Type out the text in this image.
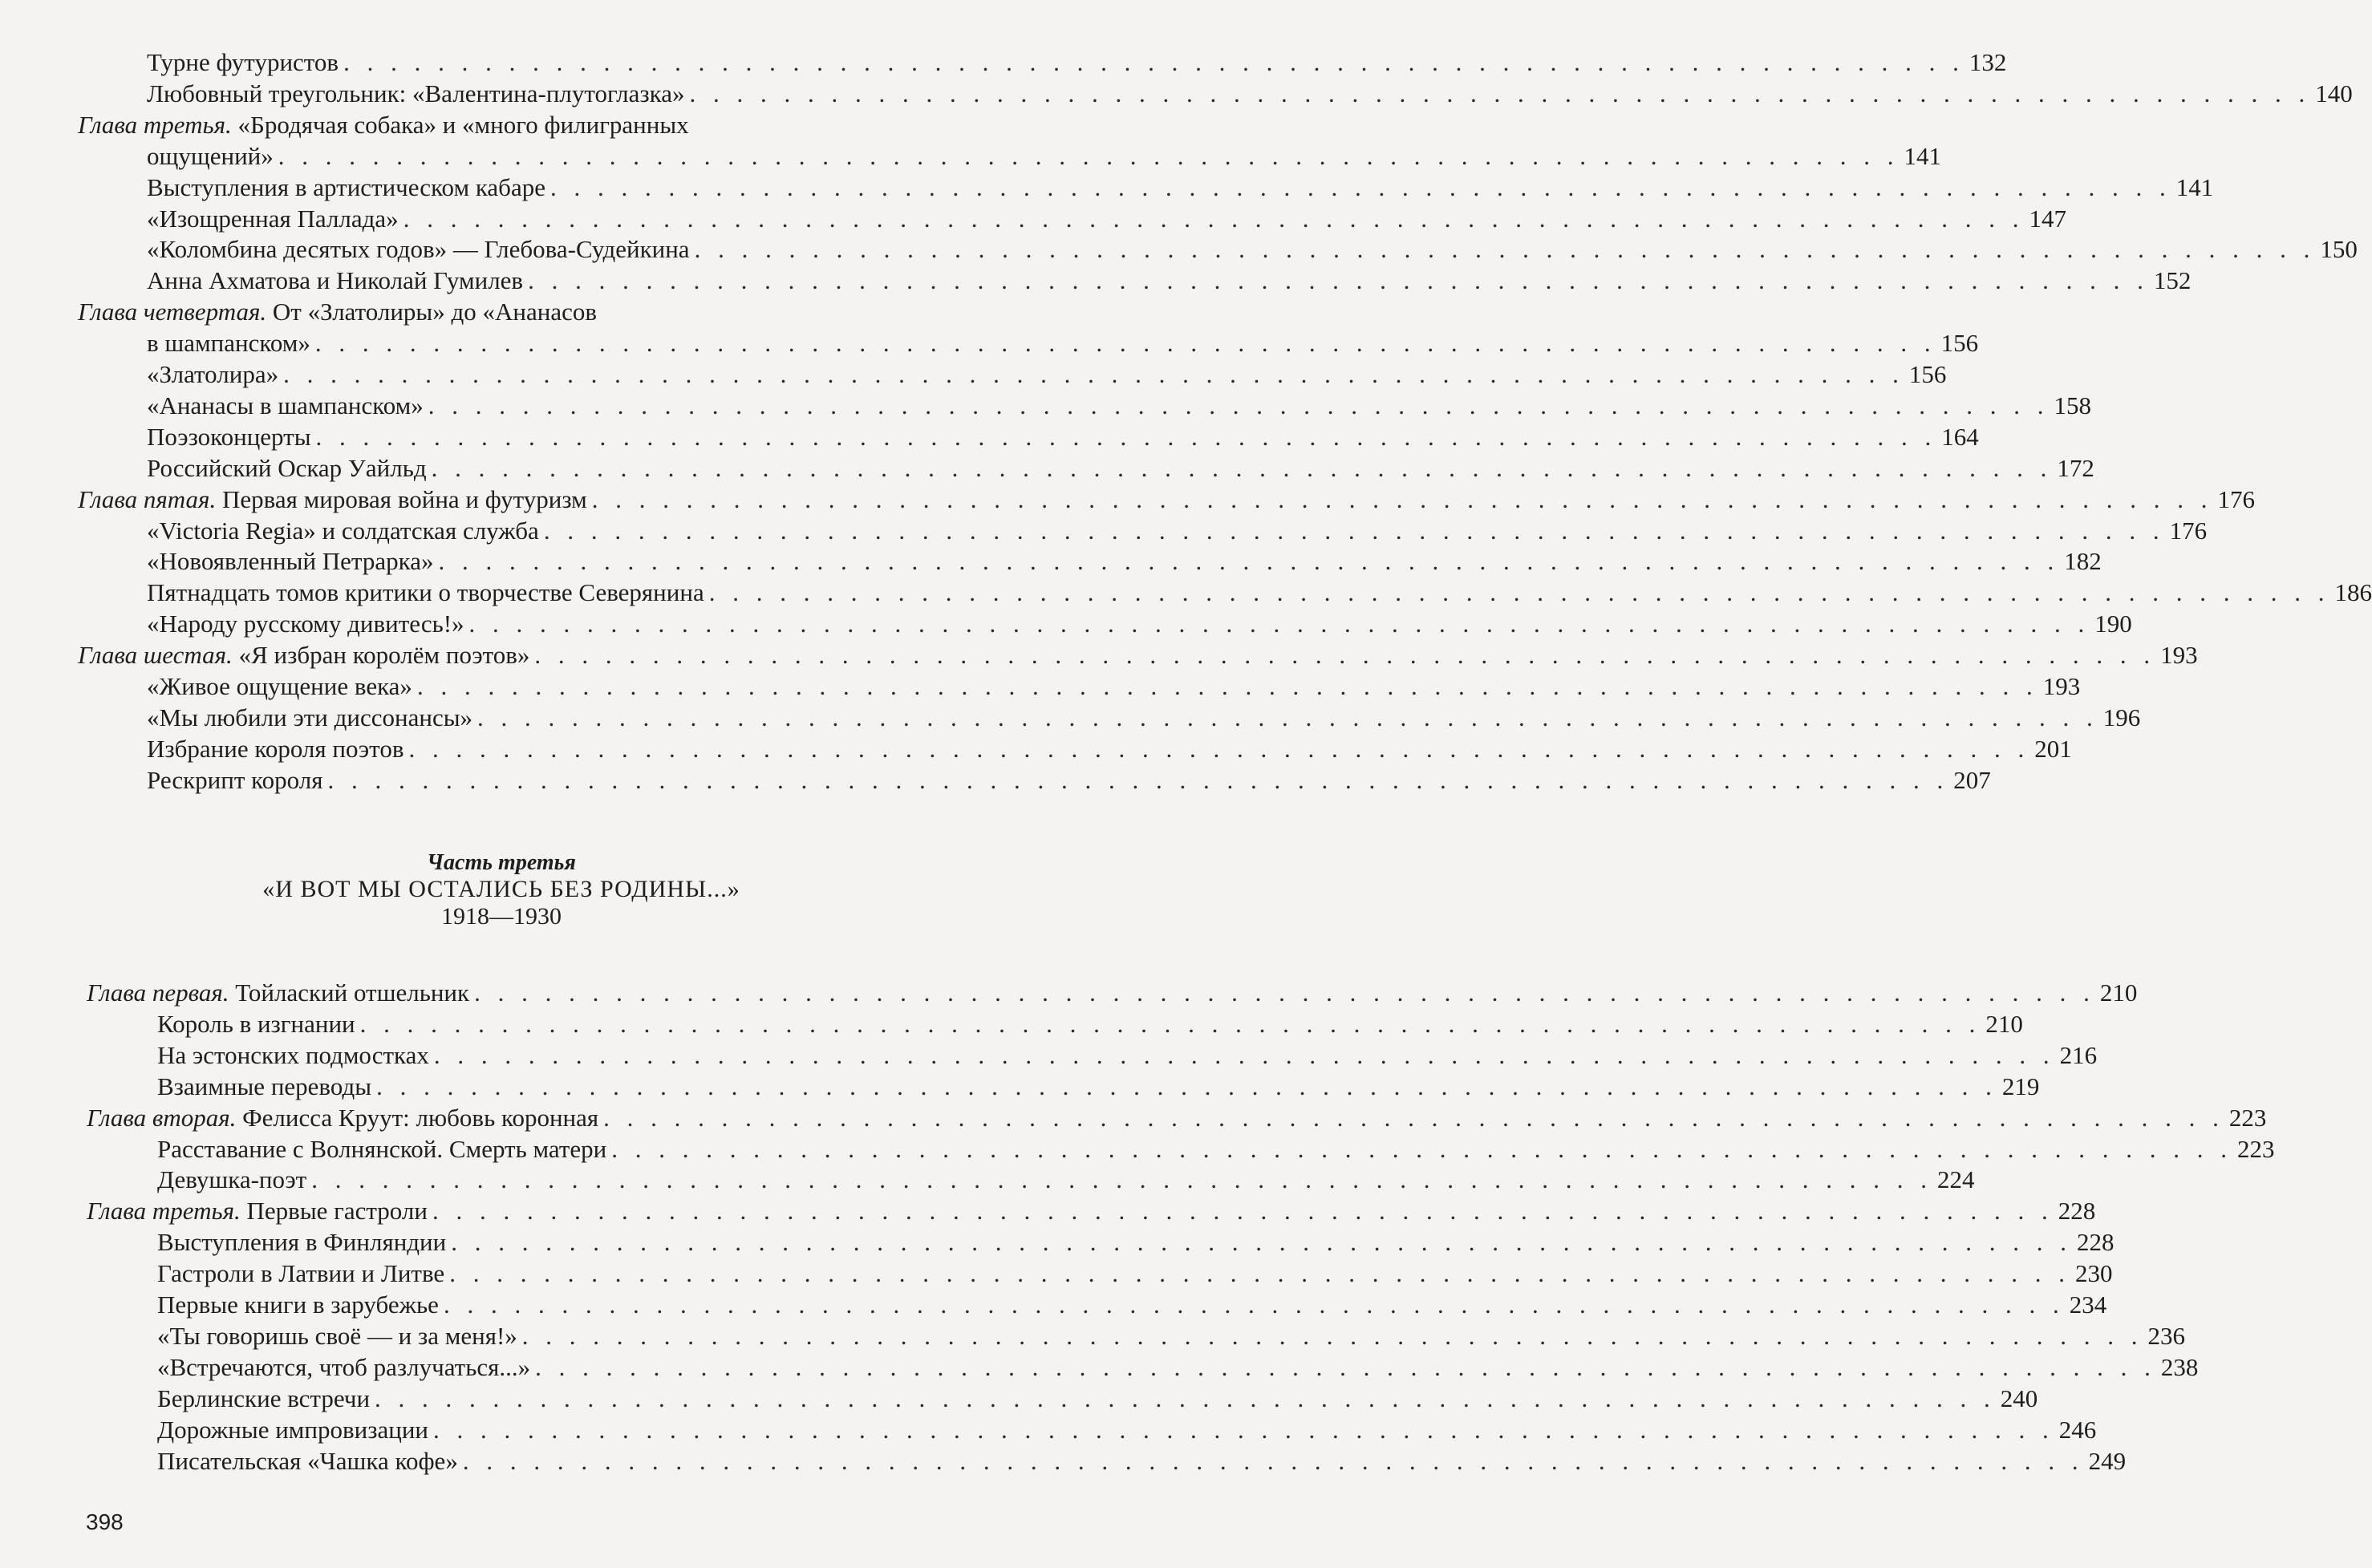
Турне футуристов . . . . . . . . . . . . . . . . . . . . . . . . . . . . . . . . . . . . . . . . . . . . . . . . . . . . . . . . . . . . . . . . . . . . . 132
Любовный треугольник: «Валентина-плутоглазка» . . . . . . . . . . . . . . . . . . . . . . . . . . . . . . . . . . . . . . . . . . . . . . . . . . . . . . . . . . . . . . . . . . . . . 140
Глава третья. «Бродячая собака» и «много филигранных
ощущений» . . . . . . . . . . . . . . . . . . . . . . . . . . . . . . . . . . . . . . . . . . . . . . . . . . . . . . . . . . . . . . . . . . . . . 141
Выступления в артистическом кабаре . . . . . . . . . . . . . . . . . . . . . . . . . . . . . . . . . . . . . . . . . . . . . . . . . . . . . . . . . . . . . . . . . . . . . 141
«Изощренная Паллада» . . . . . . . . . . . . . . . . . . . . . . . . . . . . . . . . . . . . . . . . . . . . . . . . . . . . . . . . . . . . . . . . . . . . . 147
«Коломбина десятых годов» — Глебова-Судейкина . . . . . . . . . . . . . . . . . . . . . . . . . . . . . . . . . . . . . . . . . . . . . . . . . . . . . . . . . . . . . . . . . . . . . 150
Анна Ахматова и Николай Гумилев . . . . . . . . . . . . . . . . . . . . . . . . . . . . . . . . . . . . . . . . . . . . . . . . . . . . . . . . . . . . . . . . . . . . . 152
Глава четвертая. От «Златолиры» до «Ананасов
в шампанском» . . . . . . . . . . . . . . . . . . . . . . . . . . . . . . . . . . . . . . . . . . . . . . . . . . . . . . . . . . . . . . . . . . . . . 156
«Златолира» . . . . . . . . . . . . . . . . . . . . . . . . . . . . . . . . . . . . . . . . . . . . . . . . . . . . . . . . . . . . . . . . . . . . . 156
«Ананасы в шампанском» . . . . . . . . . . . . . . . . . . . . . . . . . . . . . . . . . . . . . . . . . . . . . . . . . . . . . . . . . . . . . . . . . . . . . 158
Поэзоконцерты . . . . . . . . . . . . . . . . . . . . . . . . . . . . . . . . . . . . . . . . . . . . . . . . . . . . . . . . . . . . . . . . . . . . . 164
Российский Оскар Уайльд . . . . . . . . . . . . . . . . . . . . . . . . . . . . . . . . . . . . . . . . . . . . . . . . . . . . . . . . . . . . . . . . . . . . . 172
Глава пятая. Первая мировая война и футуризм . . . . . . . . . . . . . . . . . . . . . . . . . . . . . . . . . . . . . . . . . . . . . . . . . . . . . . . . . . . . . . . . . . . . . 176
«Victoria Regia» и солдатская служба . . . . . . . . . . . . . . . . . . . . . . . . . . . . . . . . . . . . . . . . . . . . . . . . . . . . . . . . . . . . . . . . . . . . . 176
«Новоявленный Петрарка» . . . . . . . . . . . . . . . . . . . . . . . . . . . . . . . . . . . . . . . . . . . . . . . . . . . . . . . . . . . . . . . . . . . . . 182
Пятнадцать томов критики о творчестве Северянина . . . . . . . . . . . . . . . . . . . . . . . . . . . . . . . . . . . . . . . . . . . . . . . . . . . . . . . . . . . . . . . . . . . . . 186
«Народу русскому дивитесь!» . . . . . . . . . . . . . . . . . . . . . . . . . . . . . . . . . . . . . . . . . . . . . . . . . . . . . . . . . . . . . . . . . . . . . 190
Глава шестая. «Я избран королём поэтов» . . . . . . . . . . . . . . . . . . . . . . . . . . . . . . . . . . . . . . . . . . . . . . . . . . . . . . . . . . . . . . . . . . . . . 193
«Живое ощущение века» . . . . . . . . . . . . . . . . . . . . . . . . . . . . . . . . . . . . . . . . . . . . . . . . . . . . . . . . . . . . . . . . . . . . . 193
«Мы любили эти диссонансы» . . . . . . . . . . . . . . . . . . . . . . . . . . . . . . . . . . . . . . . . . . . . . . . . . . . . . . . . . . . . . . . . . . . . . 196
Избрание короля поэтов . . . . . . . . . . . . . . . . . . . . . . . . . . . . . . . . . . . . . . . . . . . . . . . . . . . . . . . . . . . . . . . . . . . . . 201
Рескрипт короля . . . . . . . . . . . . . . . . . . . . . . . . . . . . . . . . . . . . . . . . . . . . . . . . . . . . . . . . . . . . . . . . . . . . . 207
Часть третья
«И ВОТ МЫ ОСТАЛИСЬ БЕЗ РОДИНЫ...»
1918—1930
Глава первая. Тойлаский отшельник . . . . . . . . . . . . . . . . . . . . . . . . . . . . . . . . . . . . . . . . . . . . . . . . . . . . . . . . . . . . . . . . . . . . . 210
Король в изгнании . . . . . . . . . . . . . . . . . . . . . . . . . . . . . . . . . . . . . . . . . . . . . . . . . . . . . . . . . . . . . . . . . . . . . 210
На эстонских подмостках . . . . . . . . . . . . . . . . . . . . . . . . . . . . . . . . . . . . . . . . . . . . . . . . . . . . . . . . . . . . . . . . . . . . . 216
Взаимные переводы . . . . . . . . . . . . . . . . . . . . . . . . . . . . . . . . . . . . . . . . . . . . . . . . . . . . . . . . . . . . . . . . . . . . . 219
Глава вторая. Фелисса Круут: любовь коронная . . . . . . . . . . . . . . . . . . . . . . . . . . . . . . . . . . . . . . . . . . . . . . . . . . . . . . . . . . . . . . . . . . . . . 223
Расставание с Волнянской. Смерть матери . . . . . . . . . . . . . . . . . . . . . . . . . . . . . . . . . . . . . . . . . . . . . . . . . . . . . . . . . . . . . . . . . . . . . 223
Девушка-поэт . . . . . . . . . . . . . . . . . . . . . . . . . . . . . . . . . . . . . . . . . . . . . . . . . . . . . . . . . . . . . . . . . . . . . 224
Глава третья. Первые гастроли . . . . . . . . . . . . . . . . . . . . . . . . . . . . . . . . . . . . . . . . . . . . . . . . . . . . . . . . . . . . . . . . . . . . . 228
Выступления в Финляндии . . . . . . . . . . . . . . . . . . . . . . . . . . . . . . . . . . . . . . . . . . . . . . . . . . . . . . . . . . . . . . . . . . . . . 228
Гастроли в Латвии и Литве . . . . . . . . . . . . . . . . . . . . . . . . . . . . . . . . . . . . . . . . . . . . . . . . . . . . . . . . . . . . . . . . . . . . . 230
Первые книги в зарубежье . . . . . . . . . . . . . . . . . . . . . . . . . . . . . . . . . . . . . . . . . . . . . . . . . . . . . . . . . . . . . . . . . . . . . 234
«Ты говоришь своё — и за меня!» . . . . . . . . . . . . . . . . . . . . . . . . . . . . . . . . . . . . . . . . . . . . . . . . . . . . . . . . . . . . . . . . . . . . . 236
«Встречаются, чтоб разлучаться...» . . . . . . . . . . . . . . . . . . . . . . . . . . . . . . . . . . . . . . . . . . . . . . . . . . . . . . . . . . . . . . . . . . . . . 238
Берлинские встречи . . . . . . . . . . . . . . . . . . . . . . . . . . . . . . . . . . . . . . . . . . . . . . . . . . . . . . . . . . . . . . . . . . . . . 240
Дорожные импровизации . . . . . . . . . . . . . . . . . . . . . . . . . . . . . . . . . . . . . . . . . . . . . . . . . . . . . . . . . . . . . . . . . . . . . 246
Писательская «Чашка кофе» . . . . . . . . . . . . . . . . . . . . . . . . . . . . . . . . . . . . . . . . . . . . . . . . . . . . . . . . . . . . . . . . . . . . . 249
398
